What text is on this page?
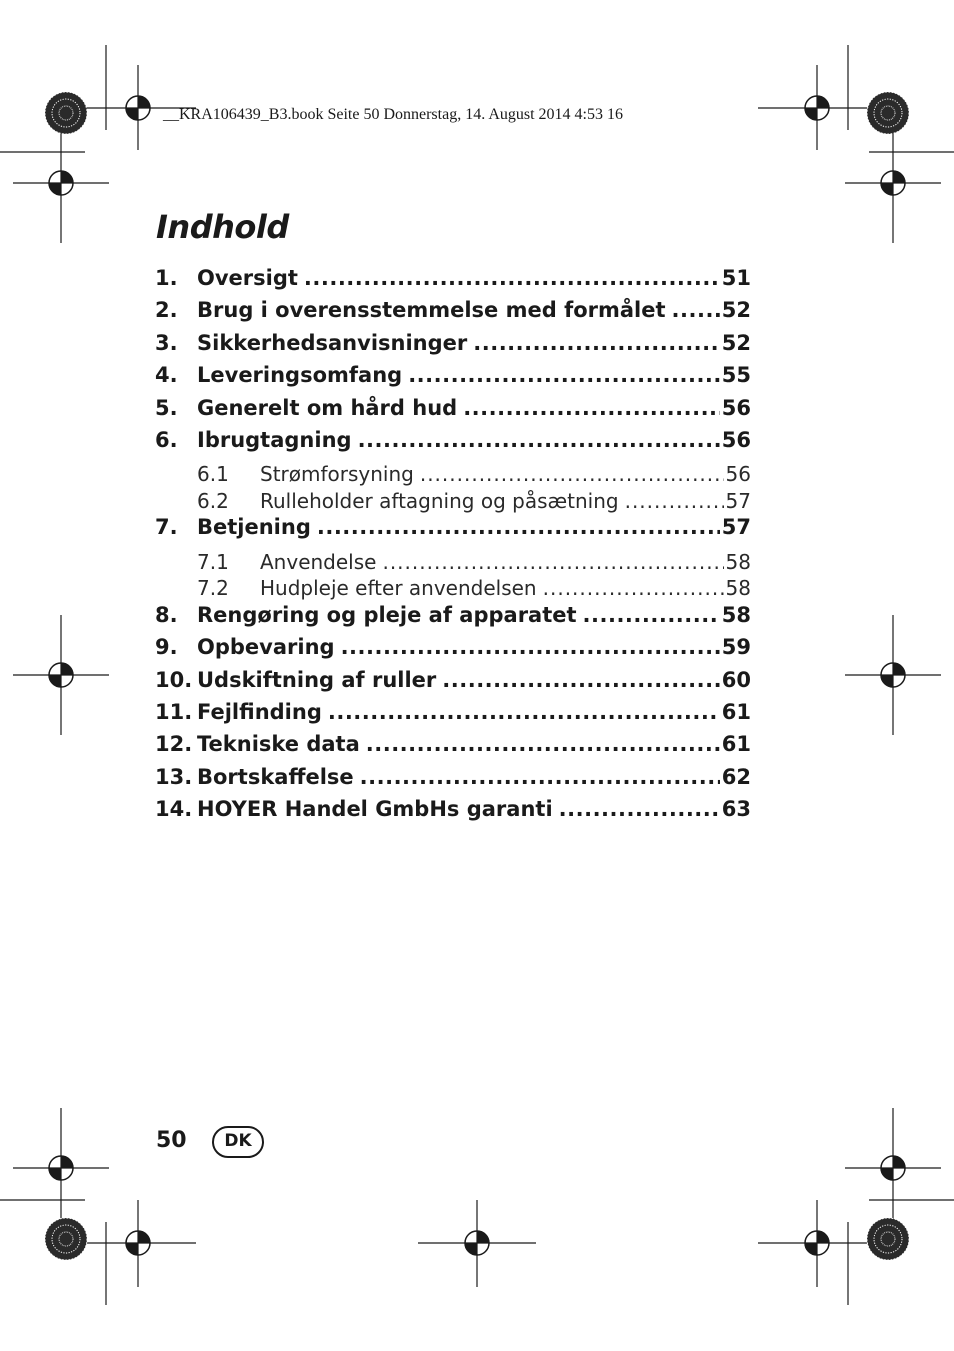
__KRA106439_B3.book Seite 50 Donnerstag, 14. August 2014 4:53 16
Indhold
1. Oversigt .....	51
2. Brug i overensstemmelse med formålet .....	52
3. Sikkerhedsanvisninger .....	52
4. Leveringsomfang .....	55
5. Generelt om hård hud .....	56
6. Ibrugtagning .....	56
6.1	Strømforsyning .....	56
6.2	Rulleholder aftagning og påsætning .....	57
7. Betjening .....	57
7.1	Anvendelse .....	58
7.2	Hudpleje efter anvendelsen .....	58
8. Rengøring og pleje af apparatet .....	58
9. Opbevaring .....	59
10. Udskiftning af ruller .....	60
11. Fejlfinding .....	61
12. Tekniske data .....	61
13. Bortskaffelse .....	62
14. HOYER Handel GmbHs garanti .....	63
50	DK
